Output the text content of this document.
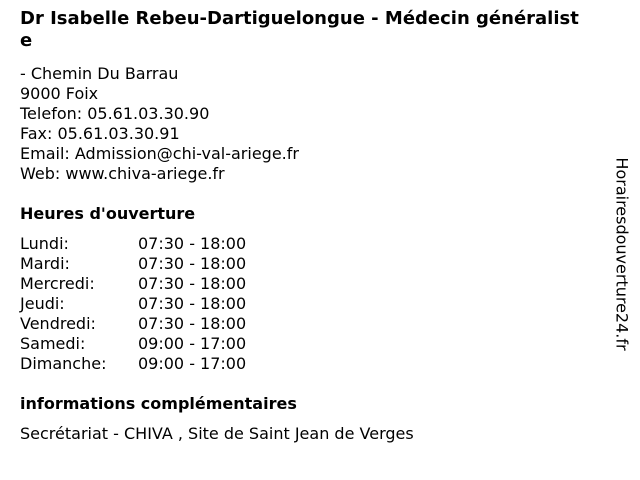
Dr Isabelle Rebeu-Dartiguelongue - Médecin généraliste
- Chemin Du Barrau
9000 Foix
Telefon: 05.61.03.30.90
Fax: 05.61.03.30.91
Email: Admission@chi-val-ariege.fr
Web: www.chiva-ariege.fr
Heures d'ouverture
Lundi:	07:30 - 18:00
Mardi:	07:30 - 18:00
Mercredi:	07:30 - 18:00
Jeudi:	07:30 - 18:00
Vendredi:	07:30 - 18:00
Samedi:	09:00 - 17:00
Dimanche:	09:00 - 17:00
informations complémentaires
Secrétariat - CHIVA , Site de Saint Jean de Verges
Horairesdouverture24.fr
